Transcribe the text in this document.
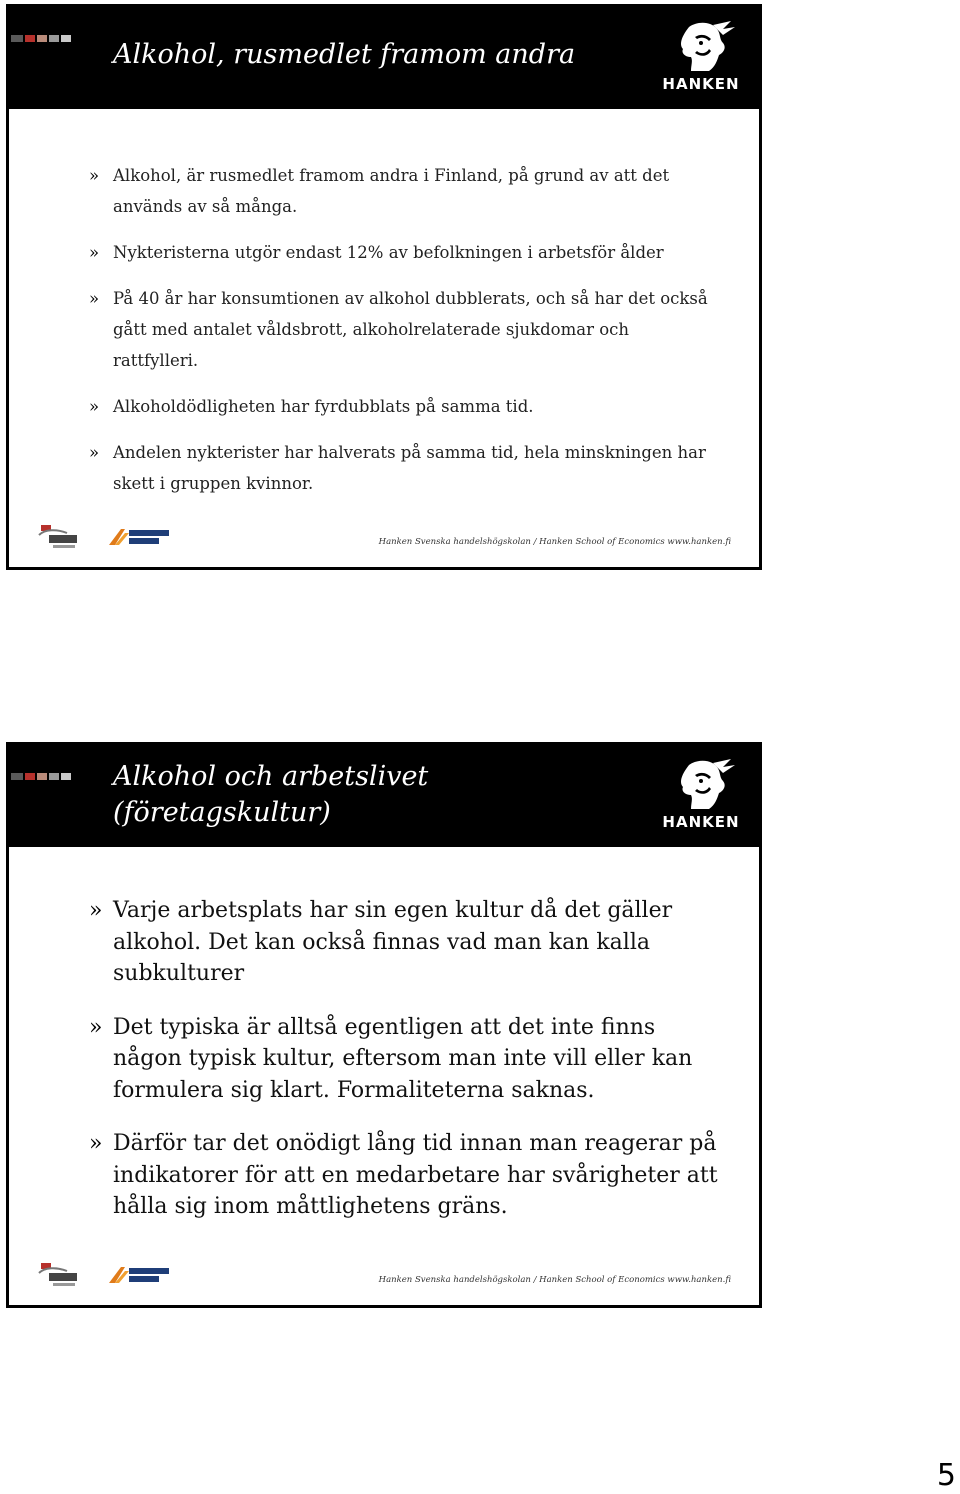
Alkohol, rusmedlet framom andra
HANKEN
» Alkohol, är rusmedlet framom andra i Finland, på grund av att det används av så många.
» Nykteristerna utgör endast 12% av befolkningen i arbetsför ålder
» På 40 år har konsumtionen av alkohol dubblerats, och så har det också gått med antalet våldsbrott, alkoholrelaterade sjukdomar och rattfylleri.
» Alkoholdödligheten har fyrdubblats på samma tid.
» Andelen nykterister har halverats på samma tid, hela minskningen har skett i gruppen kvinnor.
Hanken Svenska handelshögskolan / Hanken School of Economics www.hanken.fi
Alkohol och arbetslivet
(företagskultur)	HANKEN
» Varje arbetsplats har sin egen kultur då det gäller alkohol. Det kan också finnas vad man kan kalla subkulturer
» Det typiska är alltså egentligen att det inte finns någon typisk kultur, eftersom man inte vill eller kan formulera sig klart. Formaliteterna saknas.
» Därför tar det onödigt lång tid innan man reagerar på indikatorer för att en medarbetare har svårigheter att hålla sig inom måttlighetens gräns.
Hanken Svenska handelshögskolan / Hanken School of Economics www.hanken.fi
5
